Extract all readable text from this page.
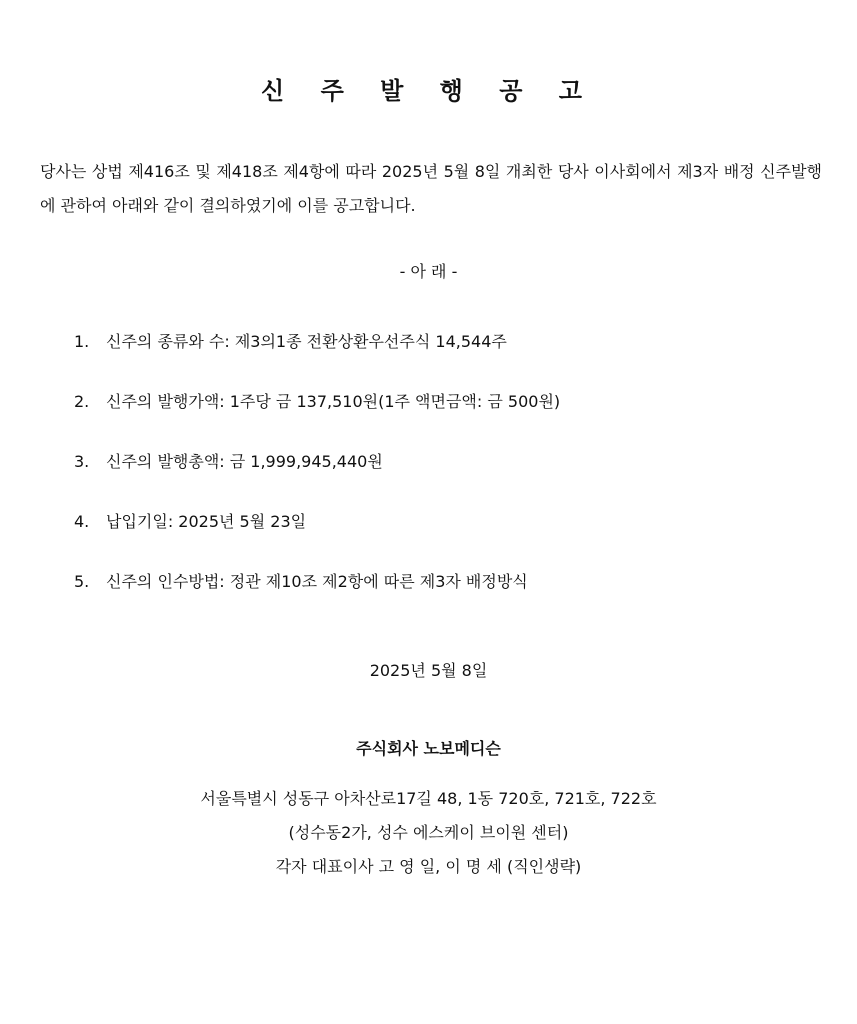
신 주 발 행 공 고

당사는 상법 제416조 및 제418조 제4항에 따라 2025년 5월 8일 개최한 당사 이사회에서 제3자 배정 신주발행에 관하여 아래와 같이 결의하였기에 이를 공고합니다.

- 아 래 -

1. 신주의 종류와 수: 제3의1종 전환상환우선주식 14,544주
2. 신주의 발행가액: 1주당 금 137,510원(1주 액면금액: 금 500원)
3. 신주의 발행총액: 금 1,999,945,440원
4. 납입기일: 2025년 5월 23일
5. 신주의 인수방법: 정관 제10조 제2항에 따른 제3자 배정방식

2025년 5월 8일

주식회사 노보메디슨

서울특별시 성동구 아차산로17길 48, 1동 720호, 721호, 722호
(성수동2가, 성수 에스케이 브이원 센터)
각자 대표이사 고 영 일, 이 명 세 (직인생략)
